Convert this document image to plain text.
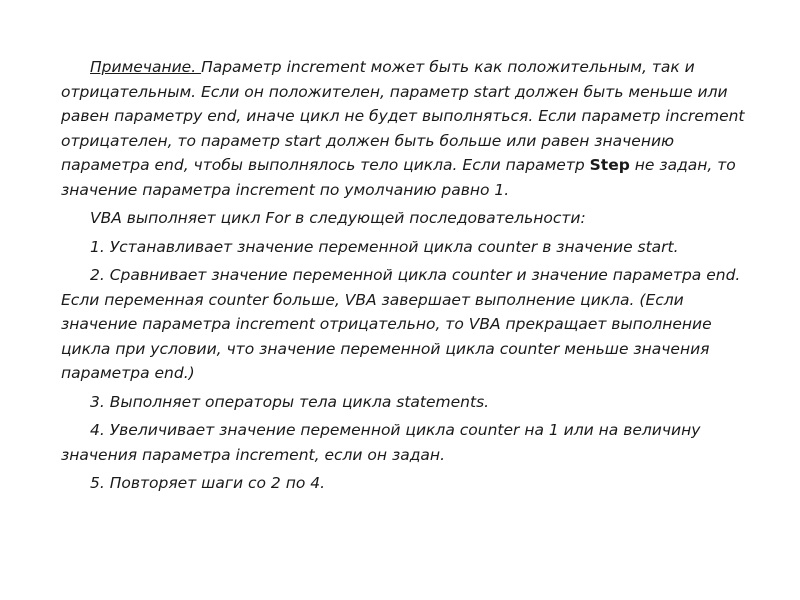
Примечание. Параметр increment может быть как положительным, так и отрицательным. Если он положителен, параметр start должен быть меньше или равен параметру end, иначе цикл не будет выполняться. Если параметр increment отрицателен, то параметр start должен быть больше или равен значению параметра end, чтобы выполнялось тело цикла. Если параметр Step не задан, то значение параметра increment по умолчанию равно 1.

VBA выполняет цикл For в следующей последовательности:

1. Устанавливает значение переменной цикла counter в значение start.

2. Сравнивает значение переменной цикла counter и значение параметра end. Если переменная counter больше, VBA завершает выполнение цикла. (Если значение параметра increment отрицательно, то VBA прекращает выполнение цикла при условии, что значение переменной цикла counter меньше значения параметра end.)

3. Выполняет операторы тела цикла statements.

4. Увеличивает значение переменной цикла counter на 1 или на величину значения параметра increment, если он задан.

5. Повторяет шаги со 2 по 4.
